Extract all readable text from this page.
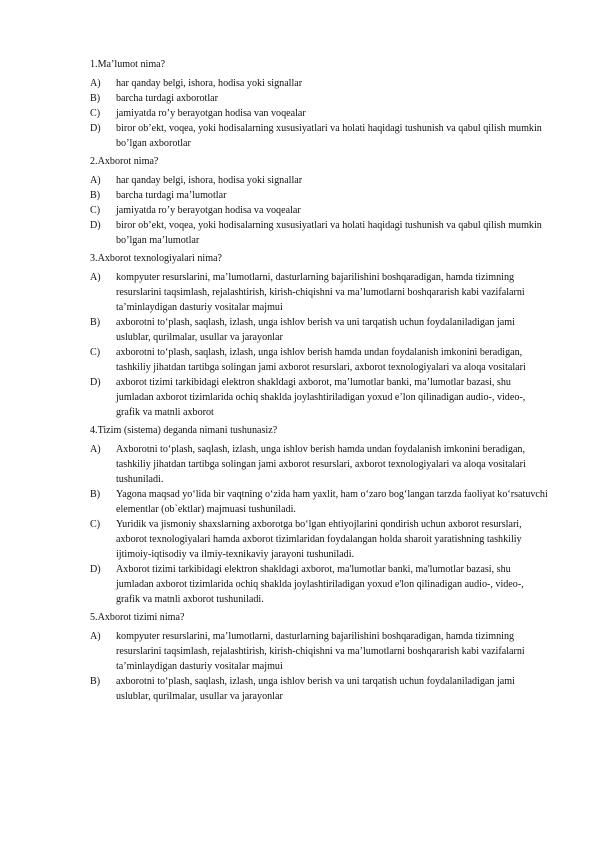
1.Ma’lumot nima?
A)	har qanday belgi, ishora, hodisa yoki signallar
B)	barcha turdagi axborotlar
C)	jamiyatda ro’y berayotgan hodisa van voqealar
D)	biror ob’ekt, voqea, yoki hodisalarning xususiyatlari va holati haqidagi tushunish va qabul qilish mumkin bo’lgan axborotlar
2.Axborot nima?
A)	har qanday belgi, ishora, hodisa yoki signallar
B)	barcha turdagi ma’lumotlar
C)	jamiyatda ro’y berayotgan hodisa va voqealar
D)	biror ob’ekt, voqea, yoki hodisalarning xususiyatlari va holati haqidagi tushunish va qabul qilish mumkin bo’lgan ma’lumotlar
3.Axborot texnologiyalari nima?
A)	kompyuter resurslarini, ma’lumotlarni, dasturlarning bajarilishini boshqaradigan, hamda tizimning resurslarini taqsimlash, rejalashtirish, kirish-chiqishni va ma’lumotlarni boshqararish kabi vazifalarni ta’minlaydigan dasturiy vositalar majmui
B)	axborotni to‘plash, saqlash, izlash, unga ishlov berish va uni tarqatish uchun foydalaniladigan jami uslublar, qurilmalar, usullar va jarayonlar
C)	axborotni to‘plash, saqlash, izlash, unga ishlov berish hamda undan foydalanish imkonini beradigan, tashkiliy jihatdan tartibga solingan jami axborot resurslari, axborot texnologiyalari va aloqa vositalari
D)	axborot tizimi tarkibidagi elektron shakldagi axborot, ma’lumotlar banki, ma’lumotlar bazasi, shu jumladan axborot tizimlarida ochiq shaklda joylashtiriladigan yoxud e’lon qilinadigan audio-, video-, grafik va matnli axborot
4.Tizim (sistema) deganda nimani tushunasiz?
A)	Axborotni to‘plash, saqlash, izlash, unga ishlov berish hamda undan foydalanish imkonini beradigan, tashkiliy jihatdan tartibga solingan jami axborot resurslari, axborot texnologiyalari va aloqa vositalari tushuniladi.
B)	Yagona maqsad yo‘lida bir vaqtning o‘zida ham yaxlit, ham o‘zaro bog‘langan tarzda faoliyat ko‘rsatuvchi elementlar (ob`ektlar) majmuasi tushuniladi.
C)	Yuridik va jismoniy shaxslarning axborotga bo‘lgan ehtiyojlarini qondirish uchun axborot resurslari, axborot texnologiyalari hamda axborot tizimlaridan foydalangan holda sharoit yaratishning tashkiliy ijtimoiy-iqtisodiy va ilmiy-texnikaviy jarayoni tushuniladi.
D)	Axborot tizimi tarkibidagi elektron shakldagi axborot, ma'lumotlar banki, ma'lumotlar bazasi, shu jumladan axborot tizimlarida ochiq shaklda joylashtiriladigan yoxud e'lon qilinadigan audio-, video-, grafik va matnli axborot tushuniladi.
5.Axborot tizimi nima?
A)	kompyuter resurslarini, ma’lumotlarni, dasturlarning bajarilishini boshqaradigan, hamda tizimning resurslarini taqsimlash, rejalashtirish, kirish-chiqishni va ma’lumotlarni boshqararish kabi vazifalarni ta’minlaydigan dasturiy vositalar majmui
B)	axborotni to‘plash, saqlash, izlash, unga ishlov berish va uni tarqatish uchun foydalaniladigan jami uslublar, qurilmalar, usullar va jarayonlar
